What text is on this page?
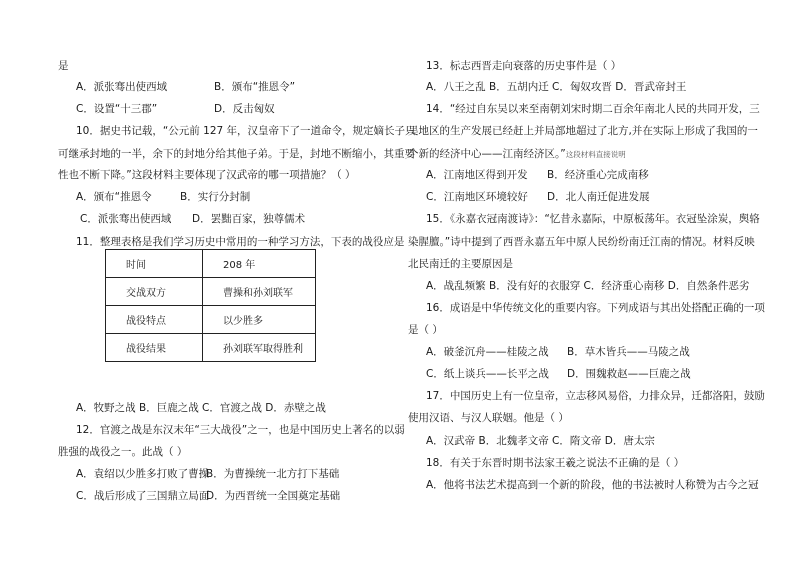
是
A．派张骞出使西域	B．颁布“推恩令”
C．设置“十三郡”	D．反击匈奴
10．据史书记载，“公元前 127 年，汉皇帝下了一道命令，规定嫡长子只
可继承封地的一半，余下的封地分给其他子弟。于是，封地不断缩小，其重要
性也不断下降。”这段材料主要体现了汉武帝的哪一项措施？（ ）
A．颁布“推恩令	B．实行分封制
C．派张骞出使西域 D．罢黜百家，独尊儒术
11．整理表格是我们学习历史中常用的一种学习方法，下表的战役应是
时间	208 年
交战双方	曹操和孙刘联军
战役特点	以少胜多
战役结果	孙刘联军取得胜利
A．牧野之战 B．巨鹿之战 C．官渡之战 D．赤壁之战
12．官渡之战是东汉末年“三大战役”之一，也是中国历史上著名的以弱
胜强的战役之一。此战（ ）
A．袁绍以少胜多打败了曹操
B．为曹操统一北方打下基础
C．战后形成了三国鼎立局面
D．为西晋统一全国奠定基础
13．标志西晋走向衰落的历史事件是（ ）
A．八王之乱 B．五胡内迁 C．匈奴攻晋 D．晋武帝封王
14．“经过自东吴以来至南朝刘宋时期二百余年南北人民的共同开发，三
吴地区的生产发展已经赶上并局部地超过了北方,并在实际上形成了我国的一
个新的经济中心——江南经济区。”这段材料直接说明
A．江南地区得到开发 B．经济重心完成南移
C．江南地区环境较好 D．北人南迁促进发展
15．《永嘉衣冠南渡诗》：“忆昔永嘉际，中原板荡年。衣冠坠涂炭，舆辂
染腥膻。”诗中提到了西晋永嘉五年中原人民纷纷南迁江南的情况。材料反映
北民南迁的主要原因是
A．战乱频繁 B．没有好的衣服穿 C．经济重心南移 D．自然条件恶劣
16．成语是中华传统文化的重要内容。下列成语与其出处搭配正确的一项
是（ ）
A．破釜沉舟——桂陵之战 B．草木皆兵——马陵之战
C．纸上谈兵——长平之战 D．围魏救赵——巨鹿之战
17．中国历史上有一位皇帝，立志移风易俗，力排众异，迁都洛阳，鼓励
使用汉语、与汉人联姻。他是（ ）
A．汉武帝 B．北魏孝文帝 C．隋文帝 D．唐太宗
18．有关于东晋时期书法家王羲之说法不正确的是（ ）
A．他将书法艺术提高到一个新的阶段，他的书法被时人称赞为古今之冠
